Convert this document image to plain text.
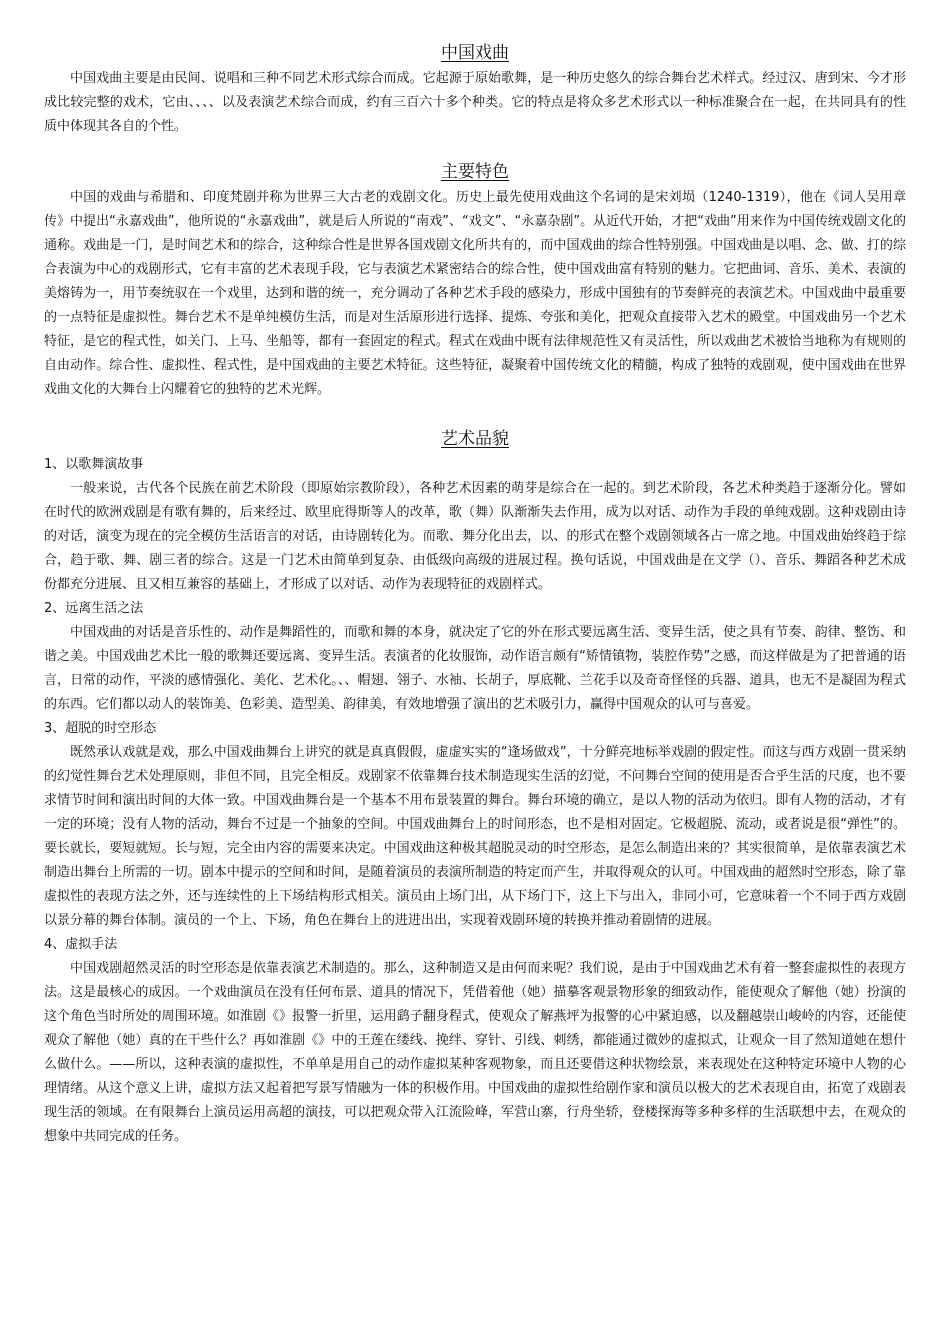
中国戏曲

中国戏曲主要是由民间、说唱和三种不同艺术形式综合而成。它起源于原始歌舞，是一种历史悠久的综合舞台艺术样式。经过汉、唐到宋、今才形成比较完整的戏术，它由、、、、以及表演艺术综合而成，约有三百六十多个种类。它的特点是将众多艺术形式以一种标准聚合在一起，在共同具有的性质中体现其各自的个性。

主要特色

中国的戏曲与希腊和、印度梵剧并称为世界三大古老的戏剧文化。历史上最先使用戏曲这个名词的是宋刘埙（1240-1319），他在《词人吴用章传》中提出“永嘉戏曲”，他所说的“永嘉戏曲”，就是后人所说的“南戏”、“戏文”、“永嘉杂剧”。从近代开始，才把“戏曲”用来作为中国传统戏剧文化的通称。戏曲是一门，是时间艺术和的综合，这种综合性是世界各国戏剧文化所共有的，而中国戏曲的综合性特别强。中国戏曲是以唱、念、做、打的综合表演为中心的戏剧形式，它有丰富的艺术表现手段，它与表演艺术紧密结合的综合性，使中国戏曲富有特别的魅力。它把曲词、音乐、美术、表演的美熔铸为一，用节奏统驭在一个戏里，达到和谐的统一，充分调动了各种艺术手段的感染力，形成中国独有的节奏鲜亮的表演艺术。中国戏曲中最重要的一点特征是虚拟性。舞台艺术不是单纯模仿生活，而是对生活原形进行选择、提炼、夸张和美化，把观众直接带入艺术的殿堂。中国戏曲另一个艺术特征，是它的程式性，如关门、上马、坐船等，都有一套固定的程式。程式在戏曲中既有法律规范性又有灵活性，所以戏曲艺术被恰当地称为有规则的自由动作。综合性、虚拟性、程式性，是中国戏曲的主要艺术特征。这些特征，凝聚着中国传统文化的精髓，构成了独特的戏剧观，使中国戏曲在世界戏曲文化的大舞台上闪耀着它的独特的艺术光辉。

艺术品貌
1、以歌舞演故事

一般来说，古代各个民族在前艺术阶段（即原始宗教阶段），各种艺术因素的萌芽是综合在一起的。到艺术阶段，各艺术种类趋于逐渐分化。譬如在时代的欧洲戏剧是有歌有舞的，后来经过、欧里庇得斯等人的改革，歌（舞）队渐渐失去作用，成为以对话、动作为手段的单纯戏剧。这种戏剧由诗的对话，演变为现在的完全模仿生活语言的对话，由诗剧转化为。而歌、舞分化出去，以、的形式在整个戏剧领域各占一席之地。中国戏曲始终趋于综合，趋于歌、舞、剧三者的综合。这是一门艺术由简单到复杂、由低级向高级的进展过程。换句话说，中国戏曲是在文学（）、音乐、舞蹈各种艺术成份都充分进展、且又相互兼容的基础上，才形成了以对话、动作为表现特征的戏剧样式。

2、远离生活之法

中国戏曲的对话是音乐性的、动作是舞蹈性的，而歌和舞的本身，就决定了它的外在形式要远离生活、变异生活，使之具有节奏、韵律、整饬、和谐之美。中国戏曲艺术比一般的歌舞还要远离、变异生活。表演者的化妆服饰，动作语言颇有“矫情镇物，装腔作势”之感，而这样做是为了把普通的语言，日常的动作，平淡的感情强化、美化、艺术化。、、帽翅、翎子、水袖、长胡子，厚底靴、兰花手以及奇奇怪怪的兵器、道具，也无不是凝固为程式的东西。它们都以动人的装饰美、色彩美、造型美、韵律美，有效地增强了演出的艺术吸引力，赢得中国观众的认可与喜爱。

3、超脱的时空形态

既然承认戏就是戏，那么中国戏曲舞台上讲究的就是真真假假，虚虚实实的“逢场做戏”，十分鲜亮地标举戏剧的假定性。而这与西方戏剧一贯采纳的幻觉性舞台艺术处理原则，非但不同，且完全相反。戏剧家不依靠舞台技术制造现实生活的幻觉，不问舞台空间的使用是否合乎生活的尺度，也不要求情节时间和演出时间的大体一致。中国戏曲舞台是一个基本不用布景装置的舞台。舞台环境的确立，是以人物的活动为依归。即有人物的活动，才有一定的环境；没有人物的活动，舞台不过是一个抽象的空间。中国戏曲舞台上的时间形态，也不是相对固定。它极超脱、流动，或者说是很“弹性”的。要长就长，要短就短。长与短，完全由内容的需要来决定。中国戏曲这种极其超脱灵动的时空形态，是怎么制造出来的？其实很简单，是依靠表演艺术制造出舞台上所需的一切。剧本中提示的空间和时间，是随着演员的表演所制造的特定而产生，并取得观众的认可。中国戏曲的超然时空形态，除了靠虚拟性的表现方法之外，还与连续性的上下场结构形式相关。演员由上场门出，从下场门下，这上下与出入，非同小可，它意味着一个不同于西方戏剧以景分幕的舞台体制。演员的一个上、下场，角色在舞台上的进进出出，实现着戏剧环境的转换并推动着剧情的进展。

4、虚拟手法

中国戏剧超然灵活的时空形态是依靠表演艺术制造的。那么，这种制造又是由何而来呢？我们说，是由于中国戏曲艺术有着一整套虚拟性的表现方法。这是最核心的成因。一个戏曲演员在没有任何布景、道具的情况下，凭借着他（她）描摹客观景物形象的细致动作，能使观众了解他（她）扮演的这个角色当时所处的周围环境。如淮剧《》报警一折里，运用鹞子翻身程式，使观众了解燕坪为报警的心中紧迫感，以及翻越崇山峻岭的内容，还能使观众了解他（她）真的在干些什么？再如淮剧《》中的王莲在缕线、挽绊、穿针、引线、刺绣，都能通过微妙的虚拟式，让观众一目了然知道她在想什么做什么。——所以，这种表演的虚拟性，不单单是用自己的动作虚拟某种客观物象，而且还要借这种状物绘景，来表现处在这种特定环境中人物的心理情绪。从这个意义上讲，虚拟方法又起着把写景写情融为一体的积极作用。中国戏曲的虚拟性给剧作家和演员以极大的艺术表现自由，拓宽了戏剧表现生活的领域。在有限舞台上演员运用高超的演技，可以把观众带入江流险峰，军营山寨，行舟坐轿，登楼探海等多种多样的生活联想中去，在观众的想象中共同完成的任务。
